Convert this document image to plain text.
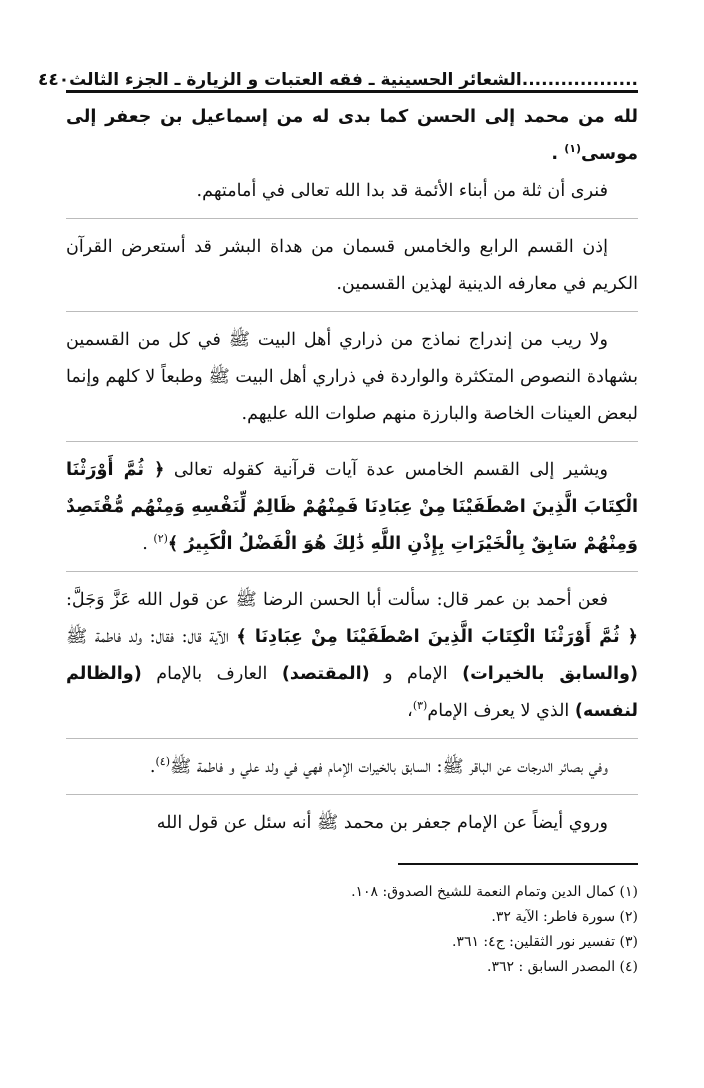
..................الشعائر الحسينية ـ فقه العتبات و الزيارة ـ الجزء الثالث
٤٤٠

لله من محمد إلى الحسن كما بدى له من إسماعيل بن جعفر إلى موسى$^{(١)}$ .

فنرى أن ثلة من أبناء الأئمة قد بدا الله تعالى في أمامتهم.

إذن القسم الرابع والخامس قسمان من هداة البشر قد أستعرض القرآن الكريم في معارفه الدينية لهذين القسمين.

ولا ريب من إندراج نماذج من ذراري أهل البيت ﷺ في كل من القسمين بشهادة النصوص المتكثرة والواردة في ذراري أهل البيت ﷺ وطبعاً لا كلهم وإنما لبعض العينات الخاصة والبارزة منهم صلوات الله عليهم.

ويشير إلى القسم الخامس عدة آيات قرآنية كقوله تعالى ﴿ ثُمَّ أَوْرَثْنَا الْكِتَابَ الَّذِينَ اصْطَفَيْنَا مِنْ عِبَادِنَا فَمِنْهُمْ ظَالِمٌ لِّنَفْسِهِ وَمِنْهُم مُّقْتَصِدٌ وَمِنْهُمْ سَابِقٌ بِالْخَيْرَاتِ بِإِذْنِ اللَّهِ ذَٰلِكَ هُوَ الْفَضْلُ الْكَبِيرُ ﴾$^{(٢)}$ .

فعن أحمد بن عمر قال: سألت أبا الحسن الرضا ﷺ عن قول الله عَزَّ وَجَلَّ: ﴿ ثُمَّ أَوْرَثْنَا الْكِتَابَ الَّذِينَ اصْطَفَيْنَا مِنْ عِبَادِنَا ﴾ الآية قال: فقال: ولد فاطمة ﷺ (والسابق بالخيرات) الإمام و (المقتصد) العارف بالإمام (والظالم لنفسه) الذي لا يعرف الإمام$^{(٣)}$،

وفي بصائر الدرجات عن الباقر ﷺ: السابق بالخيرات الإمام فهي في ولد علي و فاطمة ﷺ$^{(٤)}$.

وروي أيضاً عن الإمام جعفر بن محمد ﷺ أنه سئل عن قول الله

(١) كمال الدين وتمام النعمة للشيخ الصدوق: ١٠٨.

(٢) سورة فاطر: الآية ٣٢.

(٣) تفسير نور الثقلين: ج٤: ٣٦١.

(٤) المصدر السابق : ٣٦٢.
